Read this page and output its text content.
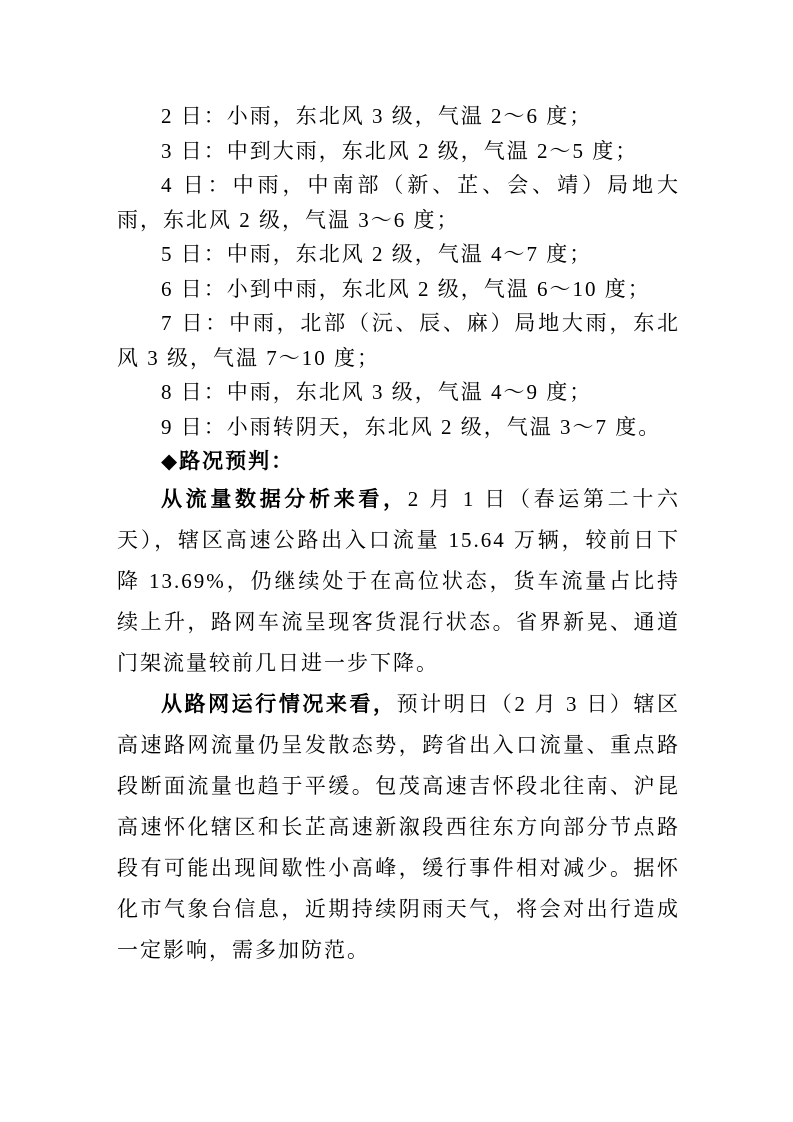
2 日：小雨，东北风 3 级，气温 2～6 度；

3 日：中到大雨，东北风 2 级，气温 2～5 度；

4 日：中雨，中南部（新、芷、会、靖）局地大雨，东北风 2 级，气温 3～6 度；

5 日：中雨，东北风 2 级，气温 4～7 度；

6 日：小到中雨，东北风 2 级，气温 6～10 度；

7 日：中雨，北部（沅、辰、麻）局地大雨，东北风 3 级，气温 7～10 度；

8 日：中雨，东北风 3 级，气温 4～9 度；

9 日：小雨转阴天，东北风 2 级，气温 3～7 度。

◆路况预判：

从流量数据分析来看，2 月 1 日（春运第二十六天），辖区高速公路出入口流量 15.64 万辆，较前日下降 13.69%，仍继续处于在高位状态，货车流量占比持续上升，路网车流呈现客货混行状态。省界新晃、通道门架流量较前几日进一步下降。

从路网运行情况来看，预计明日（2 月 3 日）辖区高速路网流量仍呈发散态势，跨省出入口流量、重点路段断面流量也趋于平缓。包茂高速吉怀段北往南、沪昆高速怀化辖区和长芷高速新溆段西往东方向部分节点路段有可能出现间歇性小高峰，缓行事件相对减少。据怀化市气象台信息，近期持续阴雨天气，将会对出行造成一定影响，需多加防范。
